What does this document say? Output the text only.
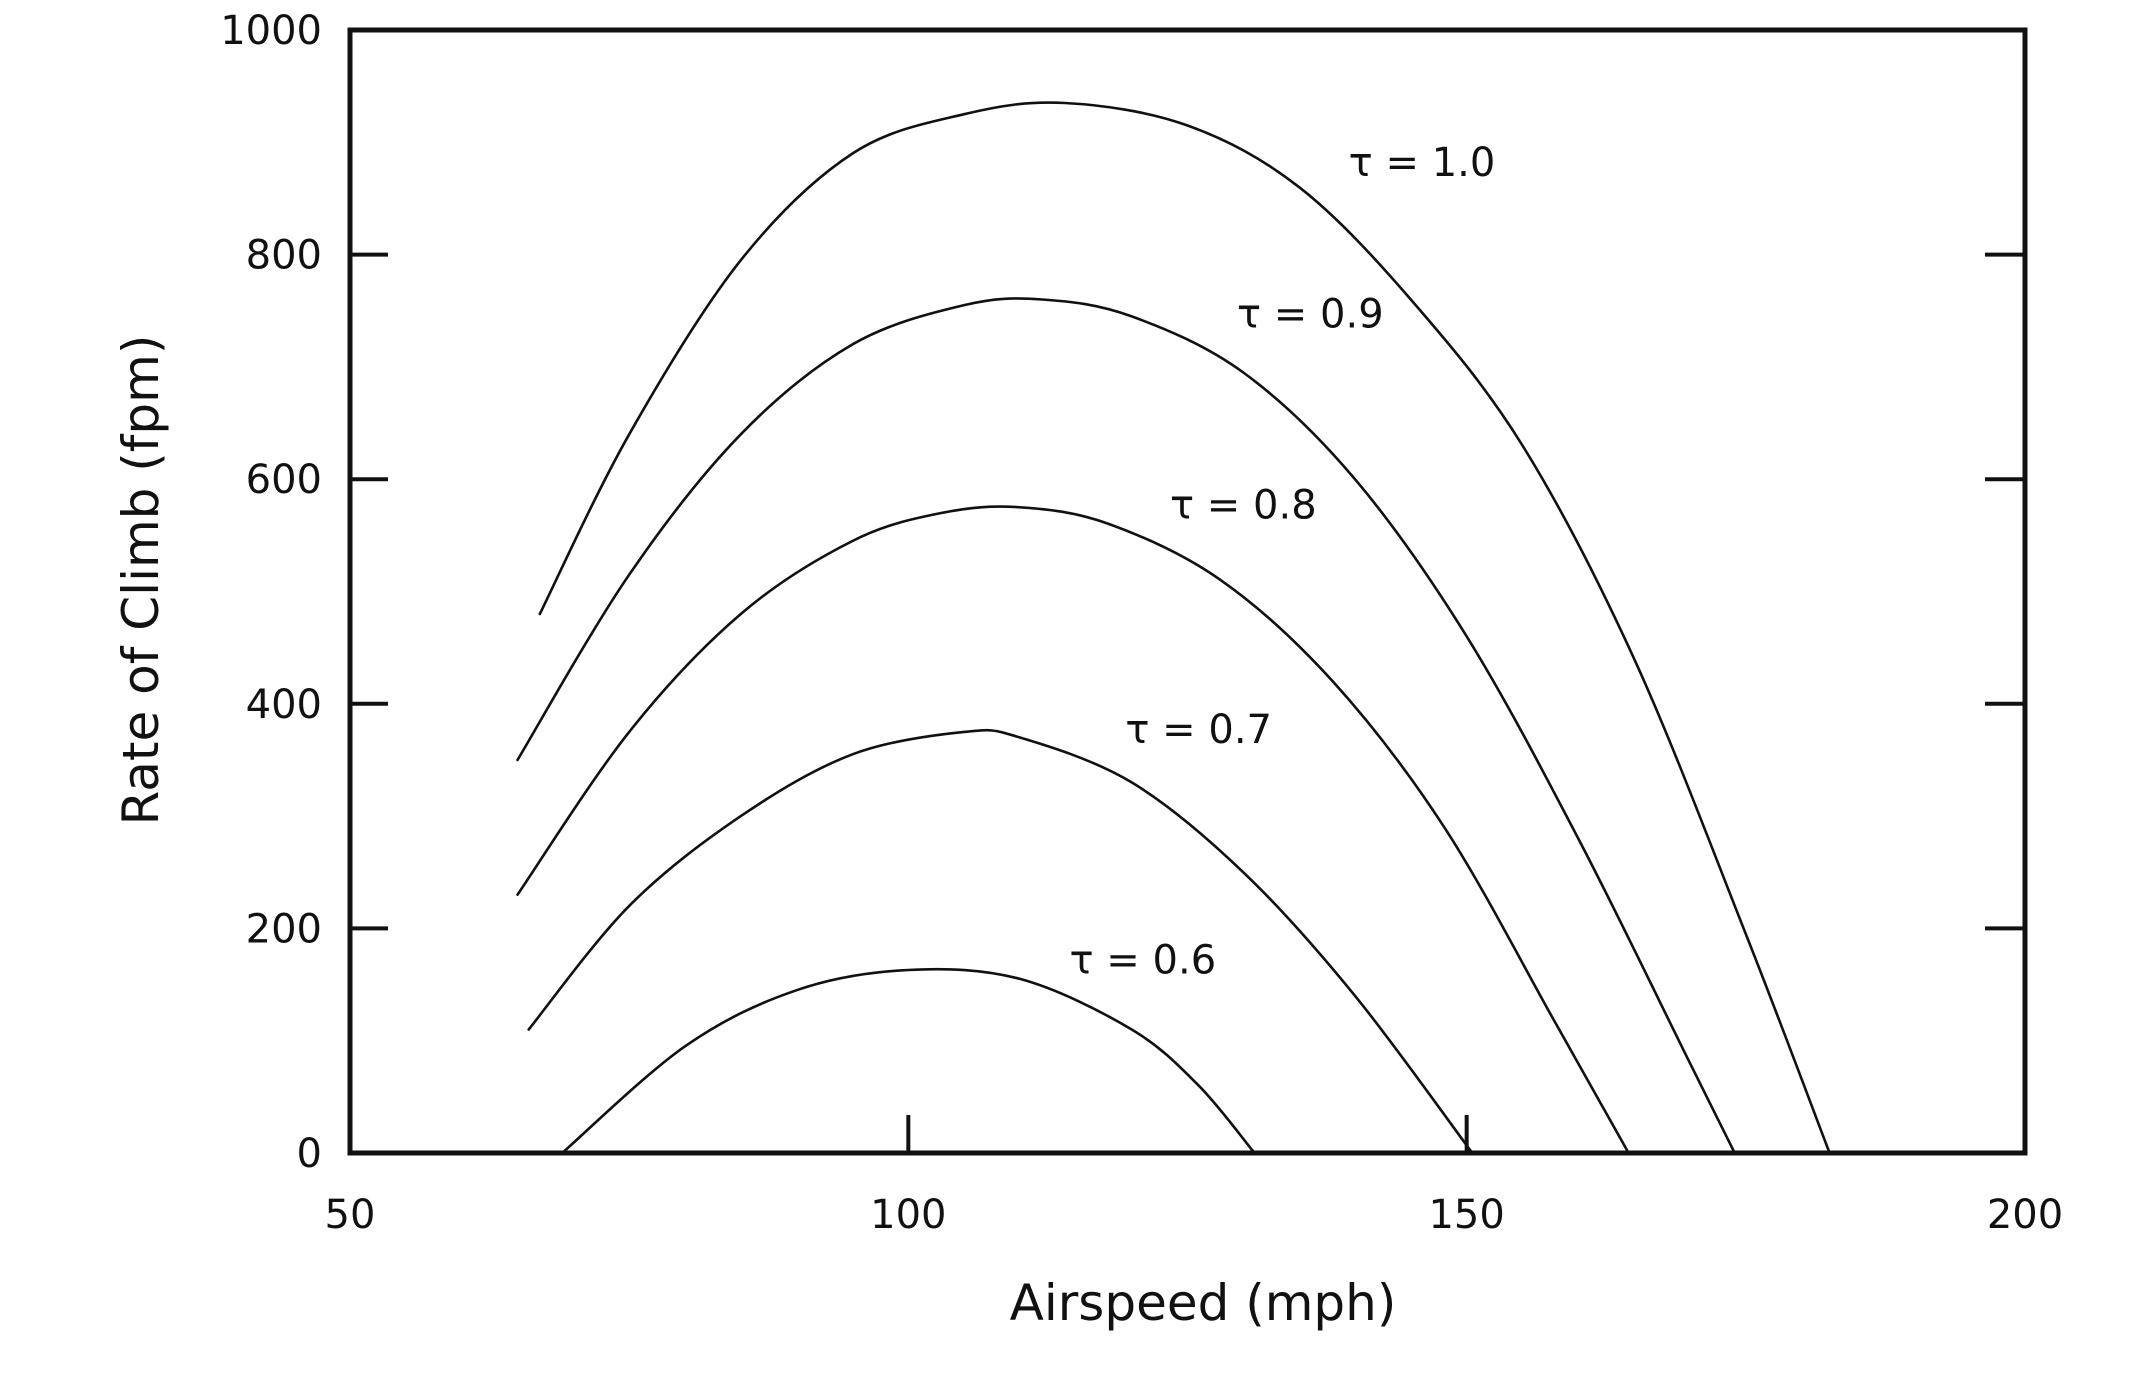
0
200
400
600
800
1000
50	100	150	200
τ = 1.0
τ = 0.9
τ = 0.8
τ = 0.7
τ = 0.6
Airspeed (mph)
Rate of Climb (fpm)
